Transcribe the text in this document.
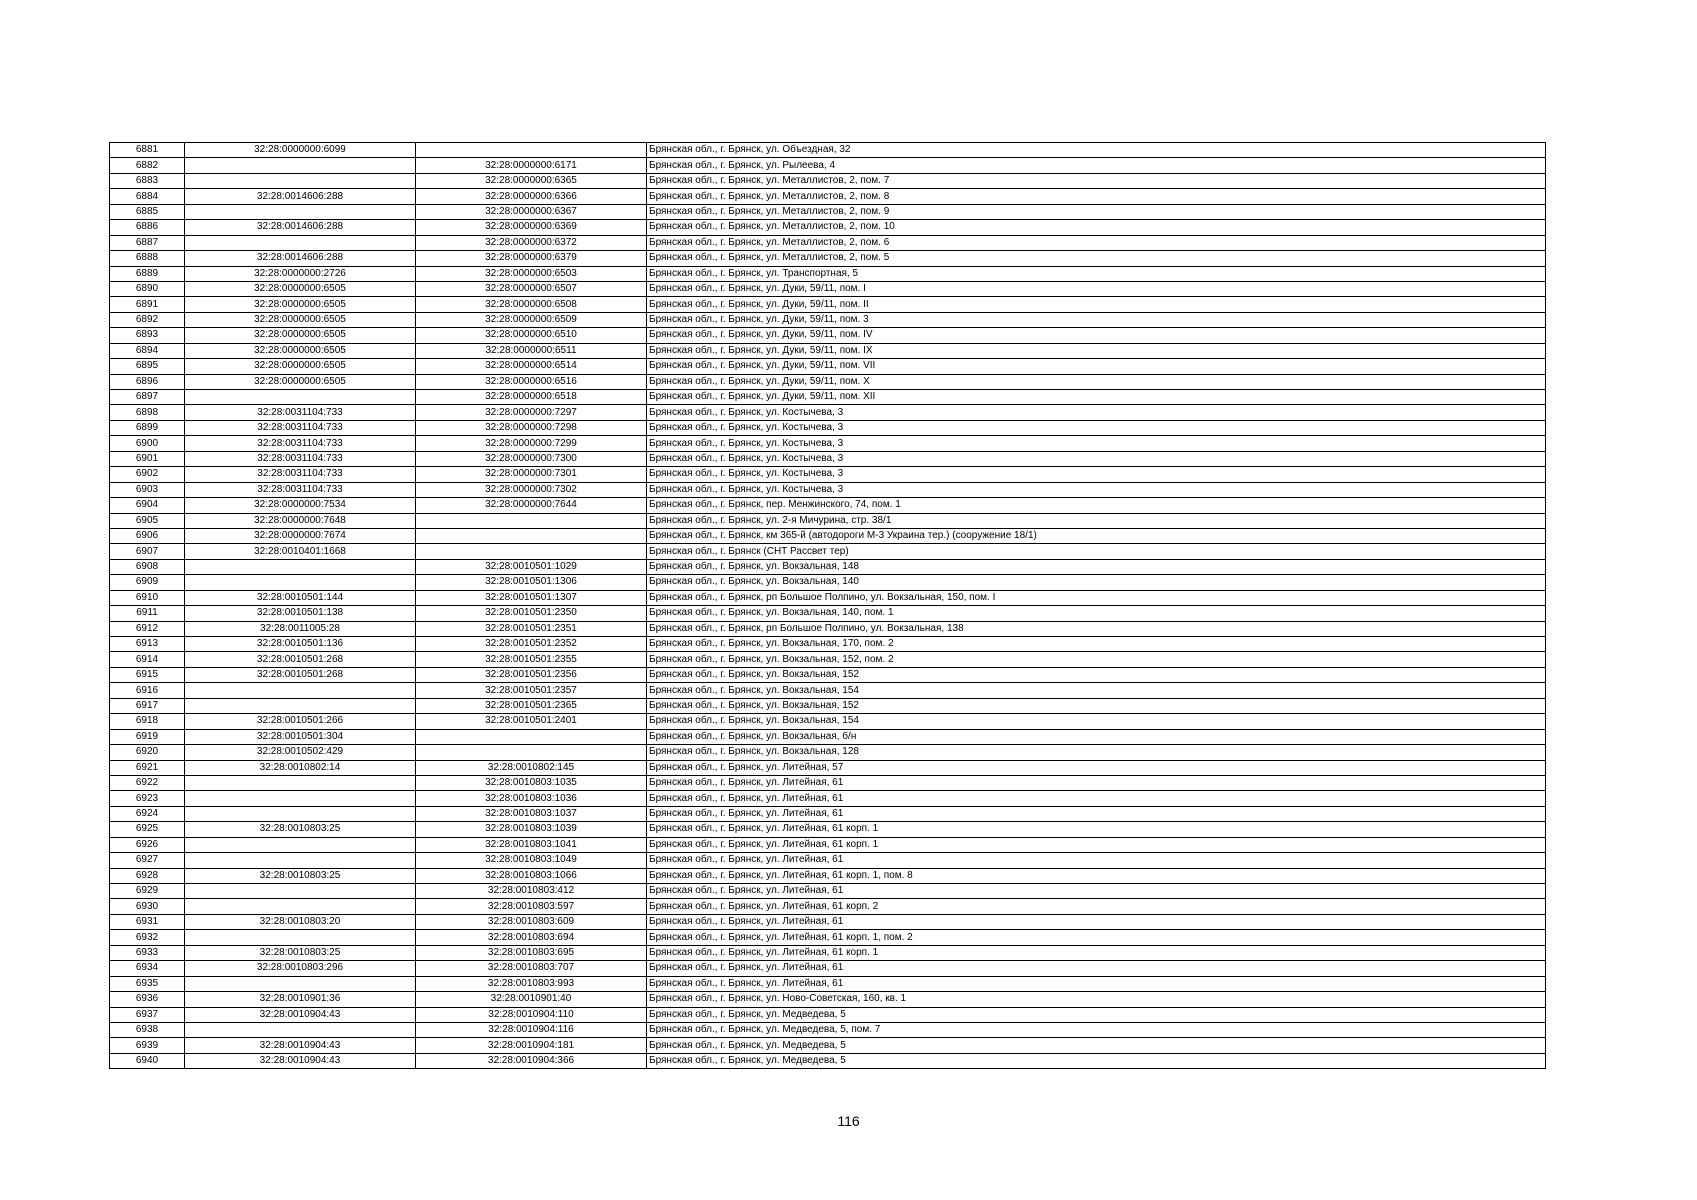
6881	32:28:0000000:6099		Брянская обл., г. Брянск, ул. Объездная, 32
6882		32:28:0000000:6171	Брянская обл., г. Брянск, ул. Рылеева, 4
6883		32:28:0000000:6365	Брянская обл., г. Брянск, ул. Металлистов, 2, пом. 7
6884	32:28:0014606:288	32:28:0000000:6366	Брянская обл., г. Брянск, ул. Металлистов, 2, пом. 8
6885		32:28:0000000:6367	Брянская обл., г. Брянск, ул. Металлистов, 2, пом. 9
6886	32:28:0014606:288	32:28:0000000:6369	Брянская обл., г. Брянск, ул. Металлистов, 2, пом. 10
6887		32:28:0000000:6372	Брянская обл., г. Брянск, ул. Металлистов, 2, пом. 6
6888	32:28:0014606:288	32:28:0000000:6379	Брянская обл., г. Брянск, ул. Металлистов, 2, пом. 5
6889	32:28:0000000:2726	32:28:0000000:6503	Брянская обл., г. Брянск, ул. Транспортная, 5
6890	32:28:0000000:6505	32:28:0000000:6507	Брянская обл., г. Брянск, ул. Дуки, 59/11, пом. I
6891	32:28:0000000:6505	32:28:0000000:6508	Брянская обл., г. Брянск, ул. Дуки, 59/11, пом. II
6892	32:28:0000000:6505	32:28:0000000:6509	Брянская обл., г. Брянск, ул. Дуки, 59/11, пом. 3
6893	32:28:0000000:6505	32:28:0000000:6510	Брянская обл., г. Брянск, ул. Дуки, 59/11, пом. IV
6894	32:28:0000000:6505	32:28:0000000:6511	Брянская обл., г. Брянск, ул. Дуки, 59/11, пом. IX
6895	32:28:0000000:6505	32:28:0000000:6514	Брянская обл., г. Брянск, ул. Дуки, 59/11, пом. VII
6896	32:28:0000000:6505	32:28:0000000:6516	Брянская обл., г. Брянск, ул. Дуки, 59/11, пом. X
6897		32:28:0000000:6518	Брянская обл., г. Брянск, ул. Дуки, 59/11, пом. XII
6898	32:28:0031104:733	32:28:0000000:7297	Брянская обл., г. Брянск, ул. Костычева, 3
6899	32:28:0031104:733	32:28:0000000:7298	Брянская обл., г. Брянск, ул. Костычева, 3
6900	32:28:0031104:733	32:28:0000000:7299	Брянская обл., г. Брянск, ул. Костычева, 3
6901	32:28:0031104:733	32:28:0000000:7300	Брянская обл., г. Брянск, ул. Костычева, 3
6902	32:28:0031104:733	32:28:0000000:7301	Брянская обл., г. Брянск, ул. Костычева, 3
6903	32:28:0031104:733	32:28:0000000:7302	Брянская обл., г. Брянск, ул. Костычева, 3
6904	32:28:0000000:7534	32:28:0000000:7644	Брянская обл., г. Брянск, пер. Менжинского, 74, пом. 1
6905	32:28:0000000:7648		Брянская обл., г. Брянск, ул. 2-я Мичурина, стр. 38/1
6906	32:28:0000000:7674		Брянская обл., г. Брянск, км 365-й (автодороги М-3 Украина тер.) (сооружение 18/1)
6907	32:28:0010401:1668		Брянская обл., г. Брянск (СНТ Рассвет тер)
6908		32:28:0010501:1029	Брянская обл., г. Брянск, ул. Вокзальная, 148
6909		32:28:0010501:1306	Брянская обл., г. Брянск, ул. Вокзальная, 140
6910	32:28:0010501:144	32:28:0010501:1307	Брянская обл., г. Брянск, рп Большое Полпино, ул. Вокзальная, 150, пом. I
6911	32:28:0010501:138	32:28:0010501:2350	Брянская обл., г. Брянск, ул. Вокзальная, 140, пом. 1
6912	32:28:0011005:28	32:28:0010501:2351	Брянская обл., г. Брянск, рп Большое Полпино, ул. Вокзальная, 138
6913	32:28:0010501:136	32:28:0010501:2352	Брянская обл., г. Брянск, ул. Вокзальная, 170, пом. 2
6914	32:28:0010501:268	32:28:0010501:2355	Брянская обл., г. Брянск, ул. Вокзальная, 152, пом. 2
6915	32:28:0010501:268	32:28:0010501:2356	Брянская обл., г. Брянск, ул. Вокзальная, 152
6916		32:28:0010501:2357	Брянская обл., г. Брянск, ул. Вокзальная, 154
6917		32:28:0010501:2365	Брянская обл., г. Брянск, ул. Вокзальная, 152
6918	32:28:0010501:266	32:28:0010501:2401	Брянская обл., г. Брянск, ул. Вокзальная, 154
6919	32:28:0010501:304		Брянская обл., г. Брянск, ул. Вокзальная, б/н
6920	32:28:0010502:429		Брянская обл., г. Брянск, ул. Вокзальная, 128
6921	32:28:0010802:14	32:28:0010802:145	Брянская обл., г. Брянск, ул. Литейная, 57
6922		32:28:0010803:1035	Брянская обл., г. Брянск, ул. Литейная, 61
6923		32:28:0010803:1036	Брянская обл., г. Брянск, ул. Литейная, 61
6924		32:28:0010803:1037	Брянская обл., г. Брянск, ул. Литейная, 61
6925	32:28:0010803:25	32:28:0010803:1039	Брянская обл., г. Брянск, ул. Литейная, 61 корп. 1
6926		32:28:0010803:1041	Брянская обл., г. Брянск, ул. Литейная, 61 корп. 1
6927		32:28:0010803:1049	Брянская обл., г. Брянск, ул. Литейная, 61
6928	32:28:0010803:25	32:28:0010803:1066	Брянская обл., г. Брянск, ул. Литейная, 61 корп. 1, пом. 8
6929		32:28:0010803:412	Брянская обл., г. Брянск, ул. Литейная, 61
6930		32:28:0010803:597	Брянская обл., г. Брянск, ул. Литейная, 61 корп. 2
6931	32:28:0010803:20	32:28:0010803:609	Брянская обл., г. Брянск, ул. Литейная, 61
6932		32:28:0010803:694	Брянская обл., г. Брянск, ул. Литейная, 61 корп. 1, пом. 2
6933	32:28:0010803:25	32:28:0010803:695	Брянская обл., г. Брянск, ул. Литейная, 61 корп. 1
6934	32:28:0010803:296	32:28:0010803:707	Брянская обл., г. Брянск, ул. Литейная, 61
6935		32:28:0010803:993	Брянская обл., г. Брянск, ул. Литейная, 61
6936	32:28:0010901:36	32:28:0010901:40	Брянская обл., г. Брянск, ул. Ново-Советская, 160, кв. 1
6937	32:28:0010904:43	32:28:0010904:110	Брянская обл., г. Брянск, ул. Медведева, 5
6938		32:28:0010904:116	Брянская обл., г. Брянск, ул. Медведева, 5, пом. 7
6939	32:28:0010904:43	32:28:0010904:181	Брянская обл., г. Брянск, ул. Медведева, 5
6940	32:28:0010904:43	32:28:0010904:366	Брянская обл., г. Брянск, ул. Медведева, 5
116
